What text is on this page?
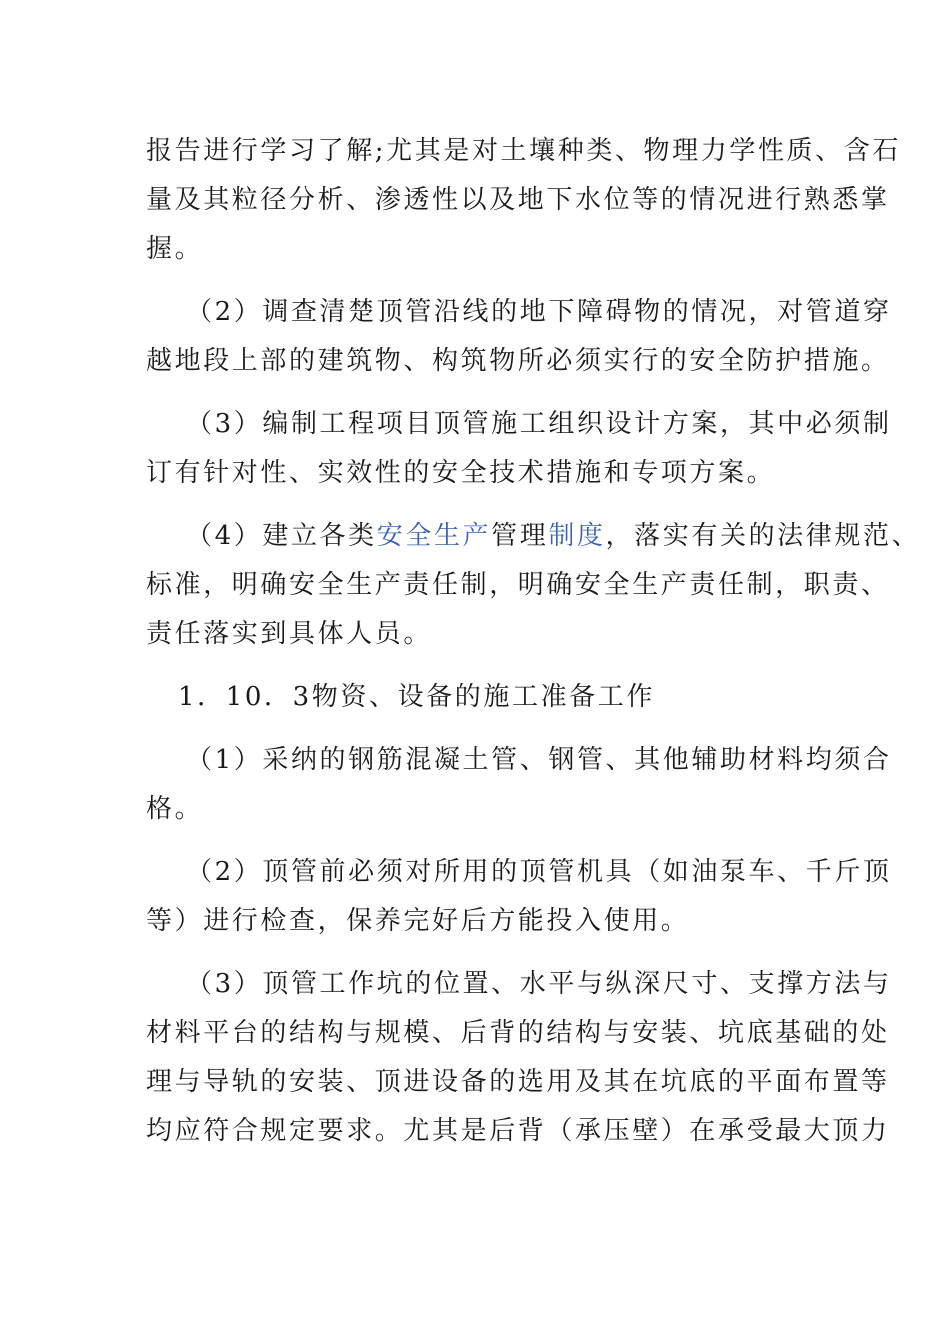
报告进行学习了解;尤其是对土壤种类、物理力学性质、含石
量及其粒径分析、渗透性以及地下水位等的情况进行熟悉掌
握。
（2）调查清楚顶管沿线的地下障碍物的情况，对管道穿
越地段上部的建筑物、构筑物所必须实行的安全防护措施。
（3）编制工程项目顶管施工组织设计方案，其中必须制
订有针对性、实效性的安全技术措施和专项方案。
（4）建立各类安全生产管理制度，落实有关的法律规范、
标准，明确安全生产责任制，明确安全生产责任制，职责、
责任落实到具体人员。
1．10．3物资、设备的施工准备工作
（1）采纳的钢筋混凝土管、钢管、其他辅助材料均须合
格。
（2）顶管前必须对所用的顶管机具（如油泵车、千斤顶
等）进行检查，保养完好后方能投入使用。
（3）顶管工作坑的位置、水平与纵深尺寸、支撑方法与
材料平台的结构与规模、后背的结构与安装、坑底基础的处
理与导轨的安装、顶进设备的选用及其在坑底的平面布置等
均应符合规定要求。尤其是后背（承压壁）在承受最大顶力
